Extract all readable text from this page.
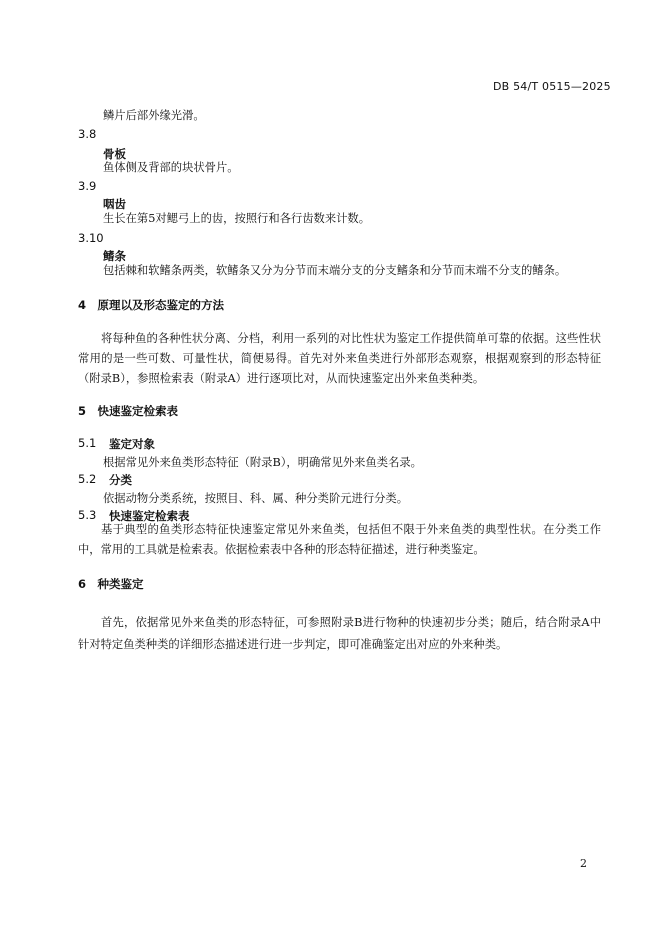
DB 54/T 0515—2025
鳞片后部外缘光滑。
3.8
骨板
鱼体侧及背部的块状骨片。
3.9
咽齿
生长在第5对鳃弓上的齿，按照行和各行齿数来计数。
3.10
鳍条
包括棘和软鳍条两类，软鳍条又分为分节而末端分支的分支鳍条和分节而末端不分支的鳍条。
4　原理以及形态鉴定的方法
将每种鱼的各种性状分离、分档，利用一系列的对比性状为鉴定工作提供简单可靠的依据。这些性状常用的是一些可数、可量性状，简便易得。首先对外来鱼类进行外部形态观察，根据观察到的形态特征（附录B），参照检索表（附录A）进行逐项比对，从而快速鉴定出外来鱼类种类。
5　快速鉴定检索表
5.1 鉴定对象
根据常见外来鱼类形态特征（附录B），明确常见外来鱼类名录。
5.2 分类
依据动物分类系统，按照目、科、属、种分类阶元进行分类。
5.3 快速鉴定检索表
基于典型的鱼类形态特征快速鉴定常见外来鱼类，包括但不限于外来鱼类的典型性状。在分类工作中，常用的工具就是检索表。依据检索表中各种的形态特征描述，进行种类鉴定。
6　种类鉴定
首先，依据常见外来鱼类的形态特征，可参照附录B进行物种的快速初步分类；随后，结合附录A中针对特定鱼类种类的详细形态描述进行进一步判定，即可准确鉴定出对应的外来种类。
2
